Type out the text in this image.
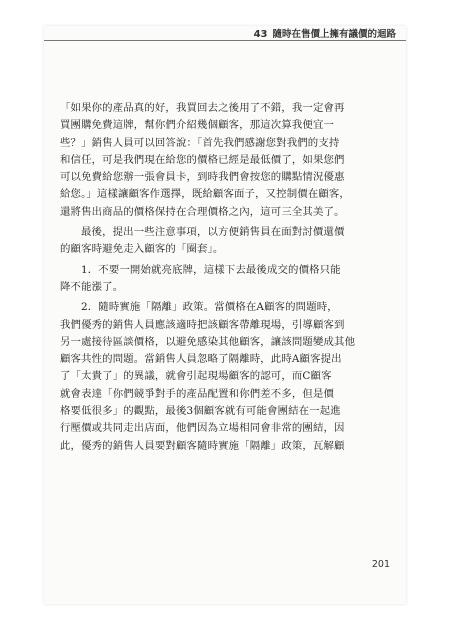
43 隨時在售價上擁有議價的迴路
「如果你的產品真的好，我買回去之後用了不錯，我一定會再
買團購免費這牌，幫你們介紹幾個顧客，那這次算我便宜一
些？」銷售人員可以回答說：「首先我們感謝您對我們的支持
和信任，可是我們現在給您的價格已經是最低價了，如果您們
可以免費給您辦一張會員卡，到時我們會按您的購點情況優惠
給您。」這樣讓顧客作選擇，既給顧客面子，又控制價在顧客，
還將售出商品的價格保持在合理價格之內，這可三全其美了。
最後，提出一些注意事項，以方便銷售員在面對討價還價
的顧客時避免走入顧客的「圈套」。
1．不要一開始就亮底牌，這樣下去最後成交的價格只能
降不能漲了。
2．隨時實施「隔離」政策。當價格在A顧客的問題時，
我們優秀的銷售人員應該適時把該顧客帶離現場，引導顧客到
另一處接待區談價格，以避免感染其他顧客，讓該問題變成其他
顧客共性的問題。當銷售人員忽略了隔離時，此時A顧客提出
了「太貴了」的異議，就會引起現場顧客的認可，而C顧客
就會表達「你們競爭對手的產品配置和你們差不多，但是價
格要低很多」的觀點，最後3個顧客就有可能會團結在一起進
行壓價或共同走出店面，他們因為立場相同會非常的團結，因
此，優秀的銷售人員要對顧客隨時實施「隔離」政策，瓦解顧
201
